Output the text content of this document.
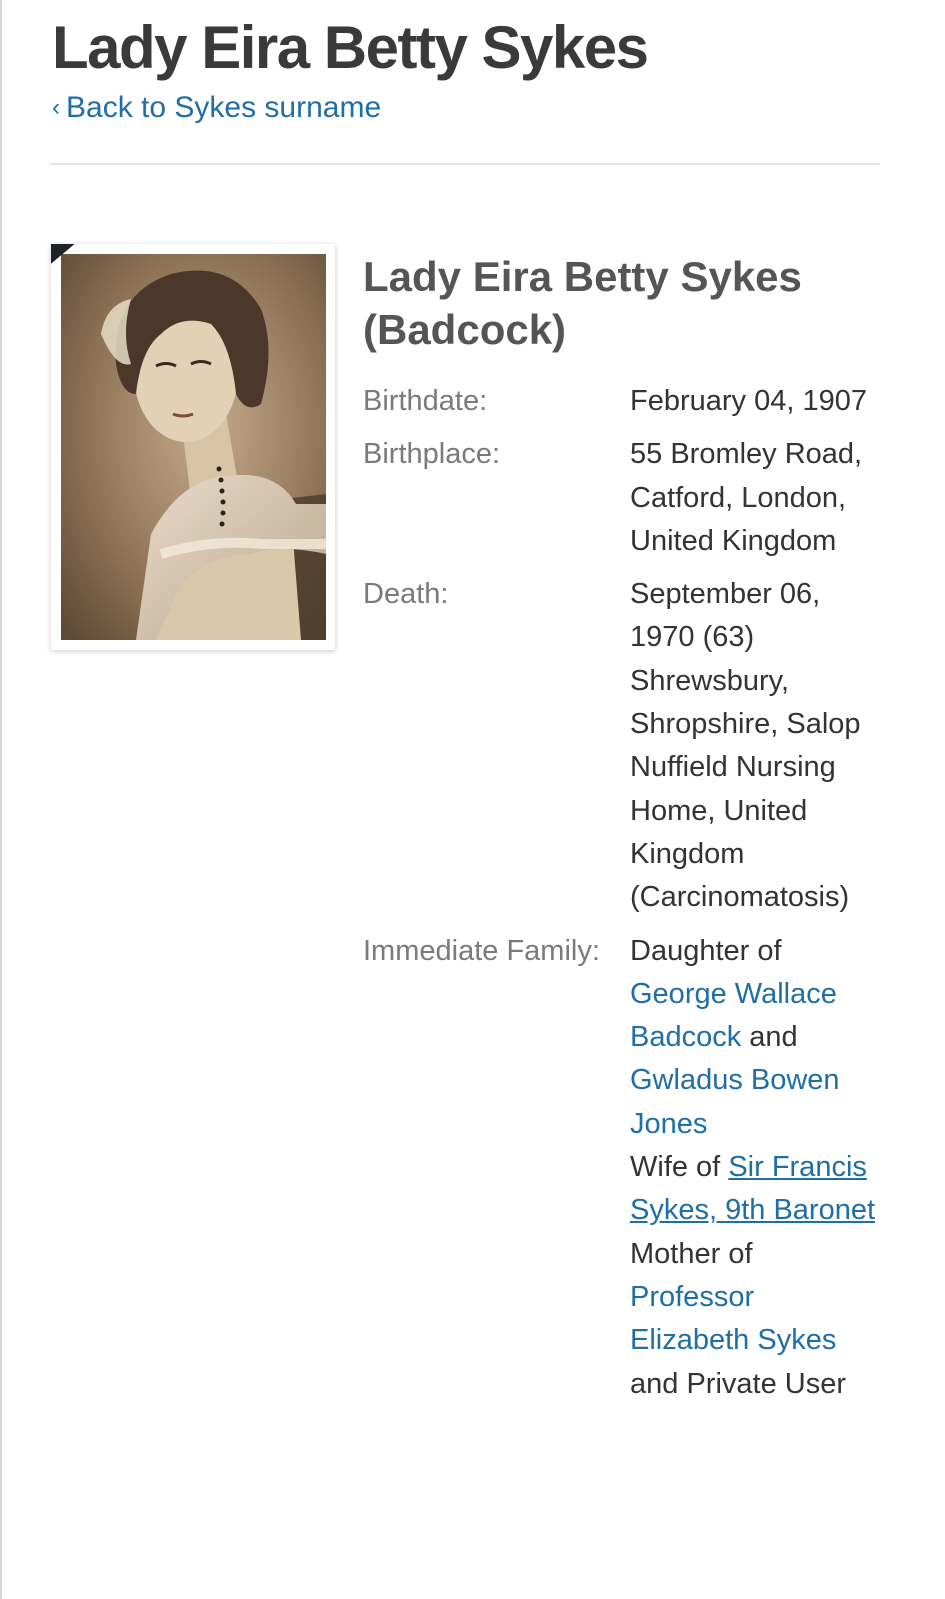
Lady Eira Betty Sykes
‹ Back to Sykes surname
Lady Eira Betty Sykes
(Badcock)
Birthdate:	February 04, 1907
Birthplace:	55 Bromley Road, Catford, London, United Kingdom
Death:	September 06, 1970 (63) Shrewsbury, Shropshire, Salop Nuffield Nursing Home, United Kingdom (Carcinomatosis)
Immediate Family:	Daughter of George Wallace Badcock and Gwladus Bowen Jones
Wife of Sir Francis Sykes, 9th Baronet
Mother of Professor Elizabeth Sykes
and Private User
